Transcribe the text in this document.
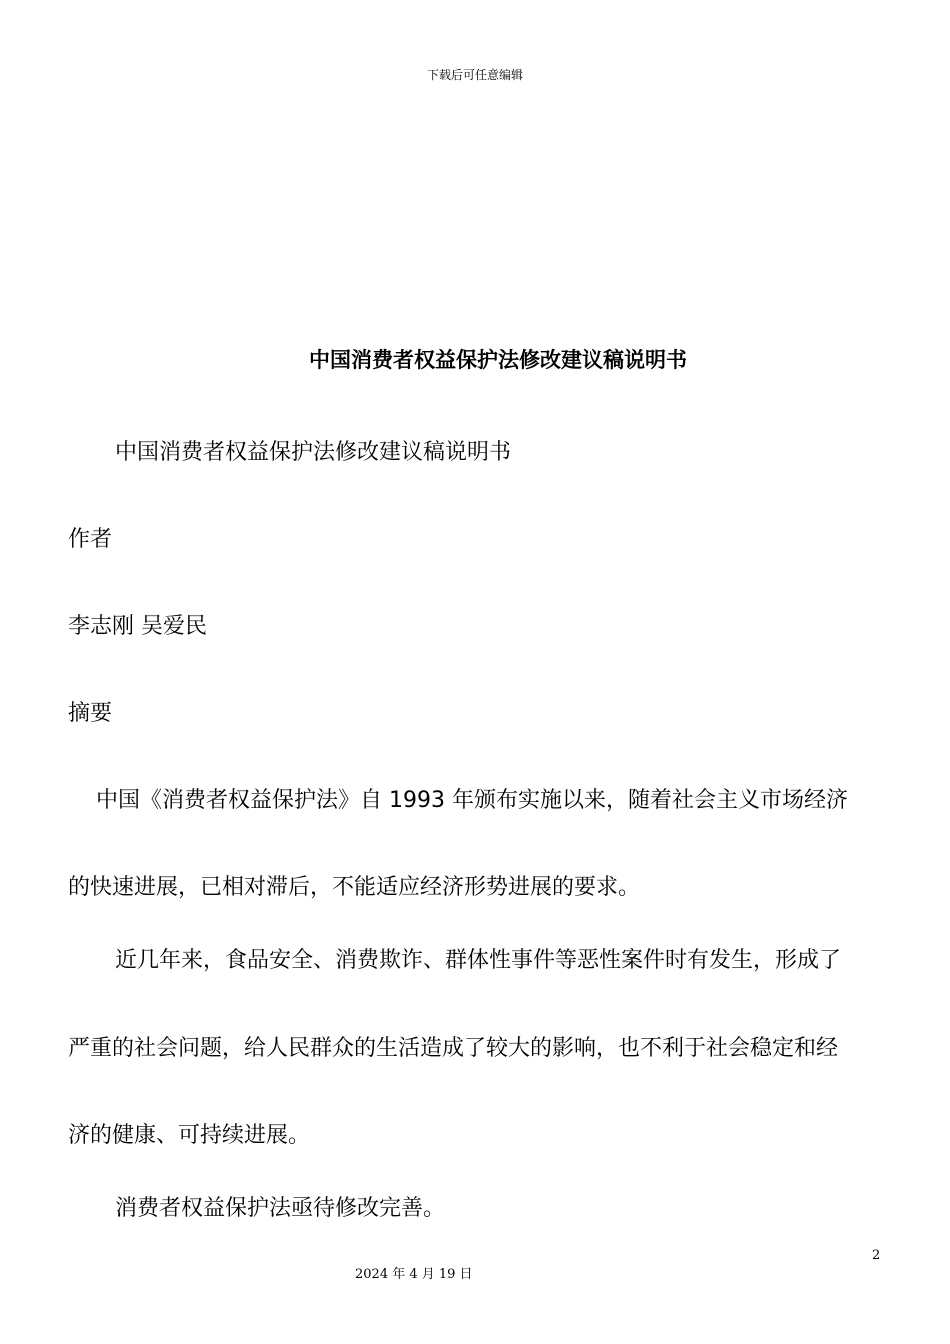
下载后可任意编辑
中国消费者权益保护法修改建议稿说明书
中国消费者权益保护法修改建议稿说明书
作者
李志刚 吴爱民
摘要
中国《消费者权益保护法》自 1993 年颁布实施以来，随着社会主义市场经济
的快速进展，已相对滞后，不能适应经济形势进展的要求。
近几年来，食品安全、消费欺诈、群体性事件等恶性案件时有发生，形成了
严重的社会问题，给人民群众的生活造成了较大的影响，也不利于社会稳定和经
济的健康、可持续进展。
消费者权益保护法亟待修改完善。
2
2024 年 4 月 19 日
